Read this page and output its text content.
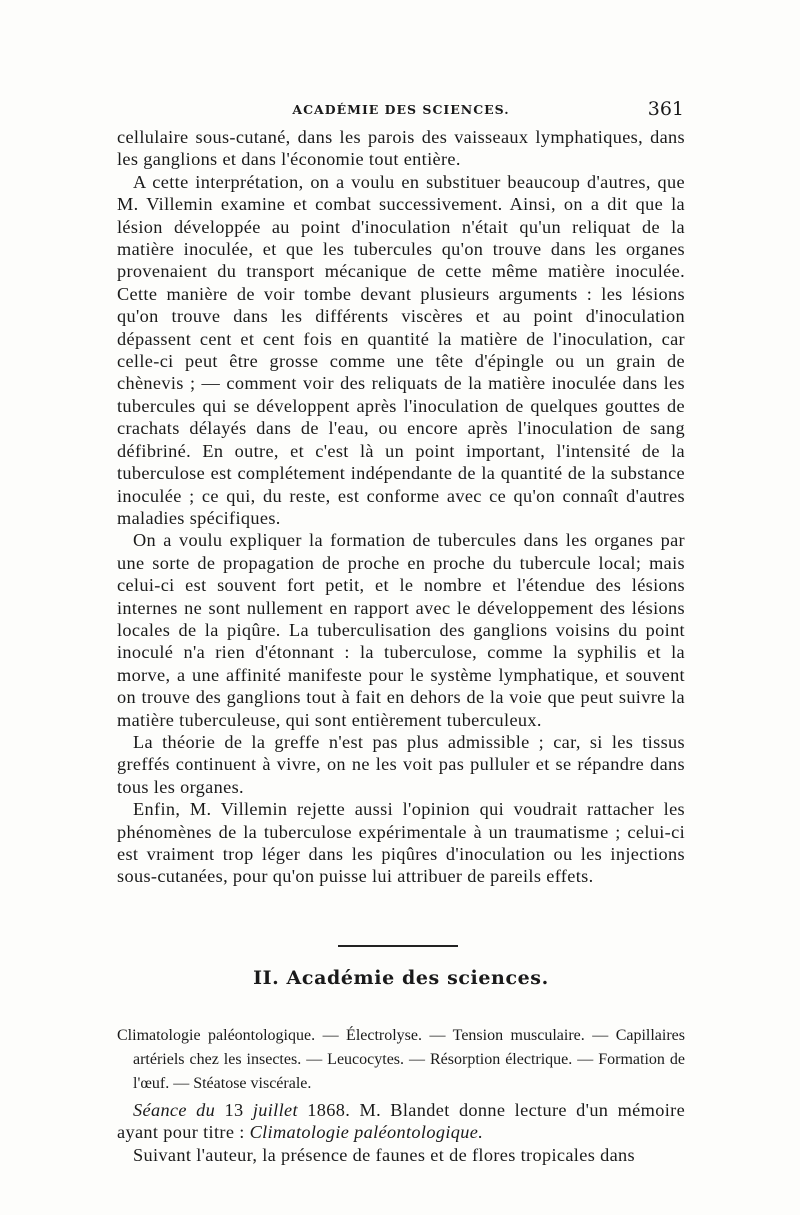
ACADÉMIE DES SCIENCES.	361

cellulaire sous-cutané, dans les parois des vaisseaux lymphatiques, dans les ganglions et dans l'économie tout entière.

A cette interprétation, on a voulu en substituer beaucoup d'autres, que M. Villemin examine et combat successivement. Ainsi, on a dit que la lésion développée au point d'inoculation n'était qu'un reliquat de la matière inoculée, et que les tubercules qu'on trouve dans les organes provenaient du transport mécanique de cette même matière inoculée. Cette manière de voir tombe devant plusieurs arguments : les lésions qu'on trouve dans les différents viscères et au point d'inoculation dépassent cent et cent fois en quantité la matière de l'inoculation, car celle-ci peut être grosse comme une tête d'épingle ou un grain de chènevis ; — comment voir des reliquats de la matière inoculée dans les tubercules qui se développent après l'inoculation de quelques gouttes de crachats délayés dans de l'eau, ou encore après l'inoculation de sang défibriné. En outre, et c'est là un point important, l'intensité de la tuberculose est complétement indépendante de la quantité de la substance inoculée ; ce qui, du reste, est conforme avec ce qu'on connaît d'autres maladies spécifiques.

On a voulu expliquer la formation de tubercules dans les organes par une sorte de propagation de proche en proche du tubercule local; mais celui-ci est souvent fort petit, et le nombre et l'étendue des lésions internes ne sont nullement en rapport avec le développement des lésions locales de la piqûre. La tuberculisation des ganglions voisins du point inoculé n'a rien d'étonnant : la tuberculose, comme la syphilis et la morve, a une affinité manifeste pour le système lymphatique, et souvent on trouve des ganglions tout à fait en dehors de la voie que peut suivre la matière tuberculeuse, qui sont entièrement tuberculeux.

La théorie de la greffe n'est pas plus admissible ; car, si les tissus greffés continuent à vivre, on ne les voit pas pulluler et se répandre dans tous les organes.

Enfin, M. Villemin rejette aussi l'opinion qui voudrait rattacher les phénomènes de la tuberculose expérimentale à un traumatisme ; celui-ci est vraiment trop léger dans les piqûres d'inoculation ou les injections sous-cutanées, pour qu'on puisse lui attribuer de pareils effets.

II. Académie des sciences.
Climatologie paléontologique. — Électrolyse. — Tension musculaire. — Capillaires artériels chez les insectes. — Leucocytes. — Résorption électrique. — Formation de l'œuf. — Stéatose viscérale.

Séance du 13 juillet 1868. M. Blandet donne lecture d'un mémoire ayant pour titre : Climatologie paléontologique.

Suivant l'auteur, la présence de faunes et de flores tropicales dans
